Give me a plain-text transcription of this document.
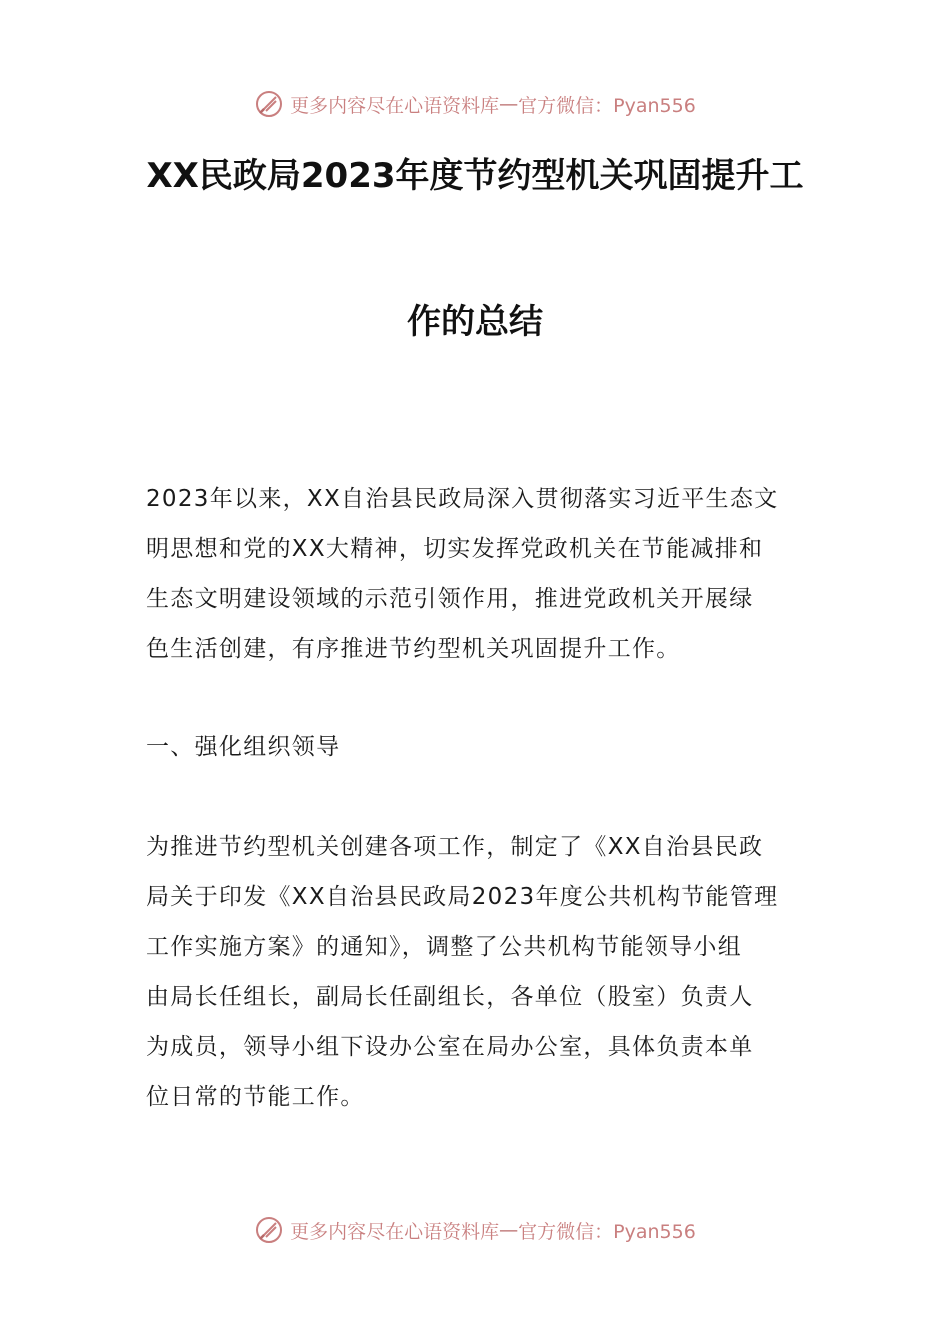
更多内容尽在心语资料库 — 官方微信：Pyan556
XX民政局2023年度节约型机关巩固提升工
作的总结
2023年以来，XX自治县民政局深入贯彻落实习近平生态文
明思想和党的XX大精神，切实发挥党政机关在节能减排和
生态文明建设领域的示范引领作用，推进党政机关开展绿
色生活创建，有序推进节约型机关巩固提升工作。
一、强化组织领导
为推进节约型机关创建各项工作，制定了《XX自治县民政
局关于印发《XX自治县民政局2023年度公共机构节能管理
工作实施方案》的通知》，调整了公共机构节能领导小组
由局长任组长，副局长任副组长，各单位（股室）负责人
为成员，领导小组下设办公室在局办公室，具体负责本单
位日常的节能工作。
更多内容尽在心语资料库 — 官方微信：Pyan556
